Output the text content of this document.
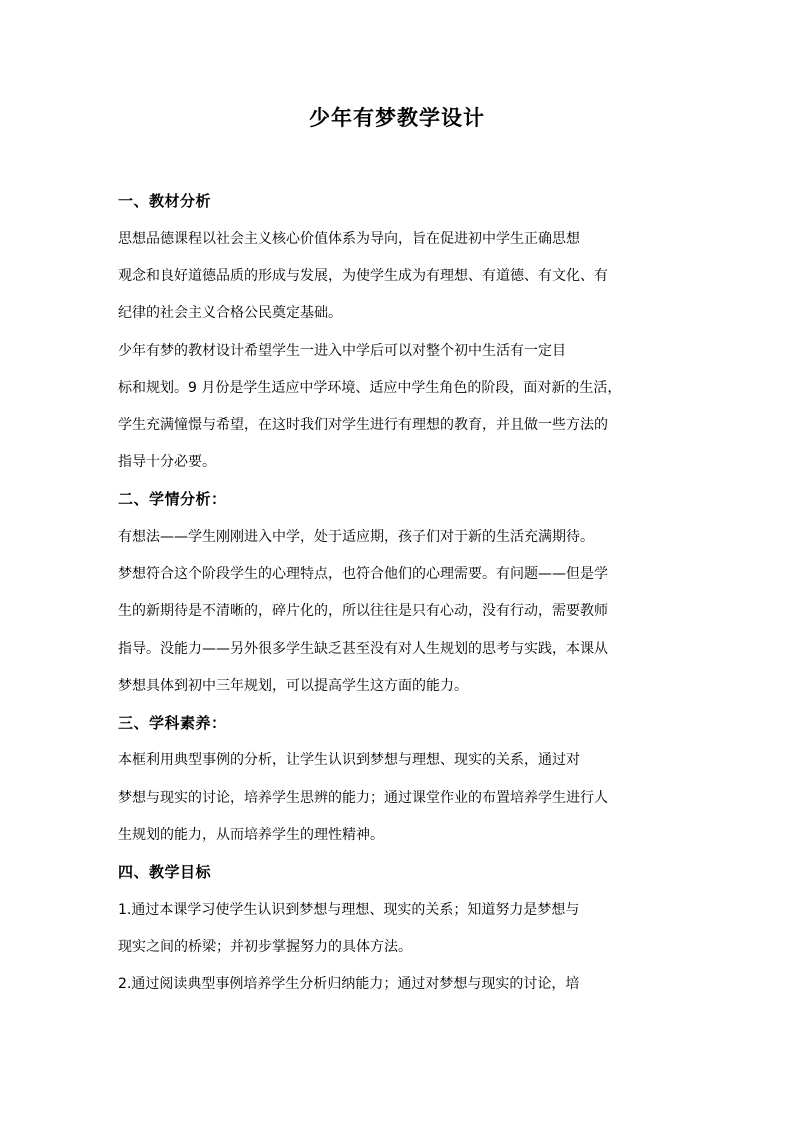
少年有梦教学设计
一、教材分析
思想品德课程以社会主义核心价值体系为导向，旨在促进初中学生正确思想
观念和良好道德品质的形成与发展，为使学生成为有理想、有道德、有文化、有
纪律的社会主义合格公民奠定基础。
少年有梦的教材设计希望学生一进入中学后可以对整个初中生活有一定目
标和规划。9 月份是学生适应中学环境、适应中学生角色的阶段，面对新的生活，
学生充满憧憬与希望，在这时我们对学生进行有理想的教育，并且做一些方法的
指导十分必要。
二、学情分析：
有想法——学生刚刚进入中学，处于适应期，孩子们对于新的生活充满期待。
梦想符合这个阶段学生的心理特点，也符合他们的心理需要。有问题——但是学
生的新期待是不清晰的，碎片化的，所以往往是只有心动，没有行动，需要教师
指导。没能力——另外很多学生缺乏甚至没有对人生规划的思考与实践，本课从
梦想具体到初中三年规划，可以提高学生这方面的能力。
三、学科素养：
本框利用典型事例的分析，让学生认识到梦想与理想、现实的关系，通过对
梦想与现实的讨论，培养学生思辨的能力；通过课堂作业的布置培养学生进行人
生规划的能力，从而培养学生的理性精神。
四、教学目标
1.通过本课学习使学生认识到梦想与理想、现实的关系；知道努力是梦想与
现实之间的桥梁；并初步掌握努力的具体方法。
2.通过阅读典型事例培养学生分析归纳能力；通过对梦想与现实的讨论，培
